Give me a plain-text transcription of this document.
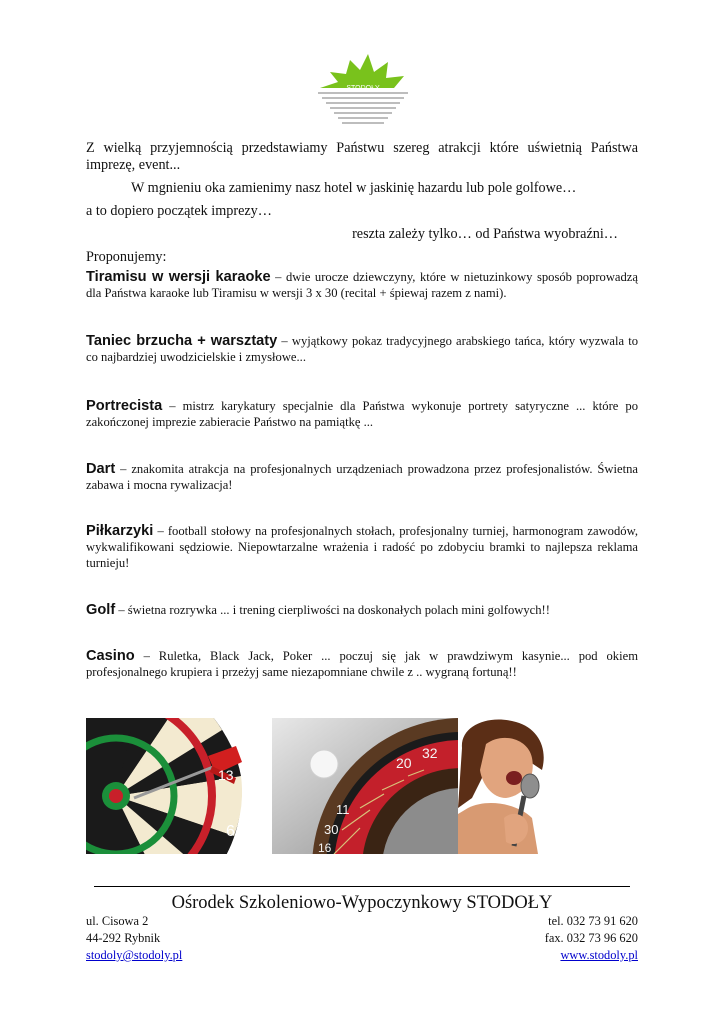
STODOŁY

Z wielką przyjemnością przedstawiamy Państwu szereg atrakcji które uświetnią Państwa imprezę, event...

W mgnieniu oka zamienimy nasz hotel w jaskinię hazardu lub pole golfowe…

a to dopiero początek imprezy…

reszta zależy tylko… od Państwa wyobraźni…

Proponujemy:

Tiramisu w wersji karaoke – dwie urocze dziewczyny, które w nietuzinkowy sposób poprowadzą dla Państwa karaoke lub Tiramisu w wersji 3 x 30 (recital + śpiewaj razem z nami).

Taniec brzucha + warsztaty – wyjątkowy pokaz tradycyjnego arabskiego tańca, który wyzwala to co najbardziej uwodzicielskie i zmysłowe...

Portrecista – mistrz karykatury specjalnie dla Państwa wykonuje portrety satyryczne ... które po zakończonej imprezie zabieracie Państwo na pamiątkę ...

Dart – znakomita atrakcja na profesjonalnych urządzeniach prowadzona przez profesjonalistów. Świetna zabawa i mocna rywalizacja!

Piłkarzyki – football stołowy na profesjonalnych stołach, profesjonalny turniej, harmonogram zawodów, wykwalifikowani sędziowie. Niepowtarzalne wrażenia i radość po zdobyciu bramki to najlepsza reklama turnieju!

Golf – świetna rozrywka ... i trening cierpliwości na doskonałych polach mini golfowych!!

Casino – Ruletka, Black Jack, Poker ... poczuj się jak w prawdziwym kasynie... pod okiem profesjonalnego krupiera i przeżyj same niezapomniane chwile z .. wygraną fortuną!!

13
6
32
20
11
30
16
Ośrodek Szkoleniowo-Wypoczynkowy STODOŁY
ul. Cisowa 2
44-292 Rybnik
stodoly@stodoly.pl
tel. 032 73 91 620
fax. 032 73 96 620
www.stodoly.pl
